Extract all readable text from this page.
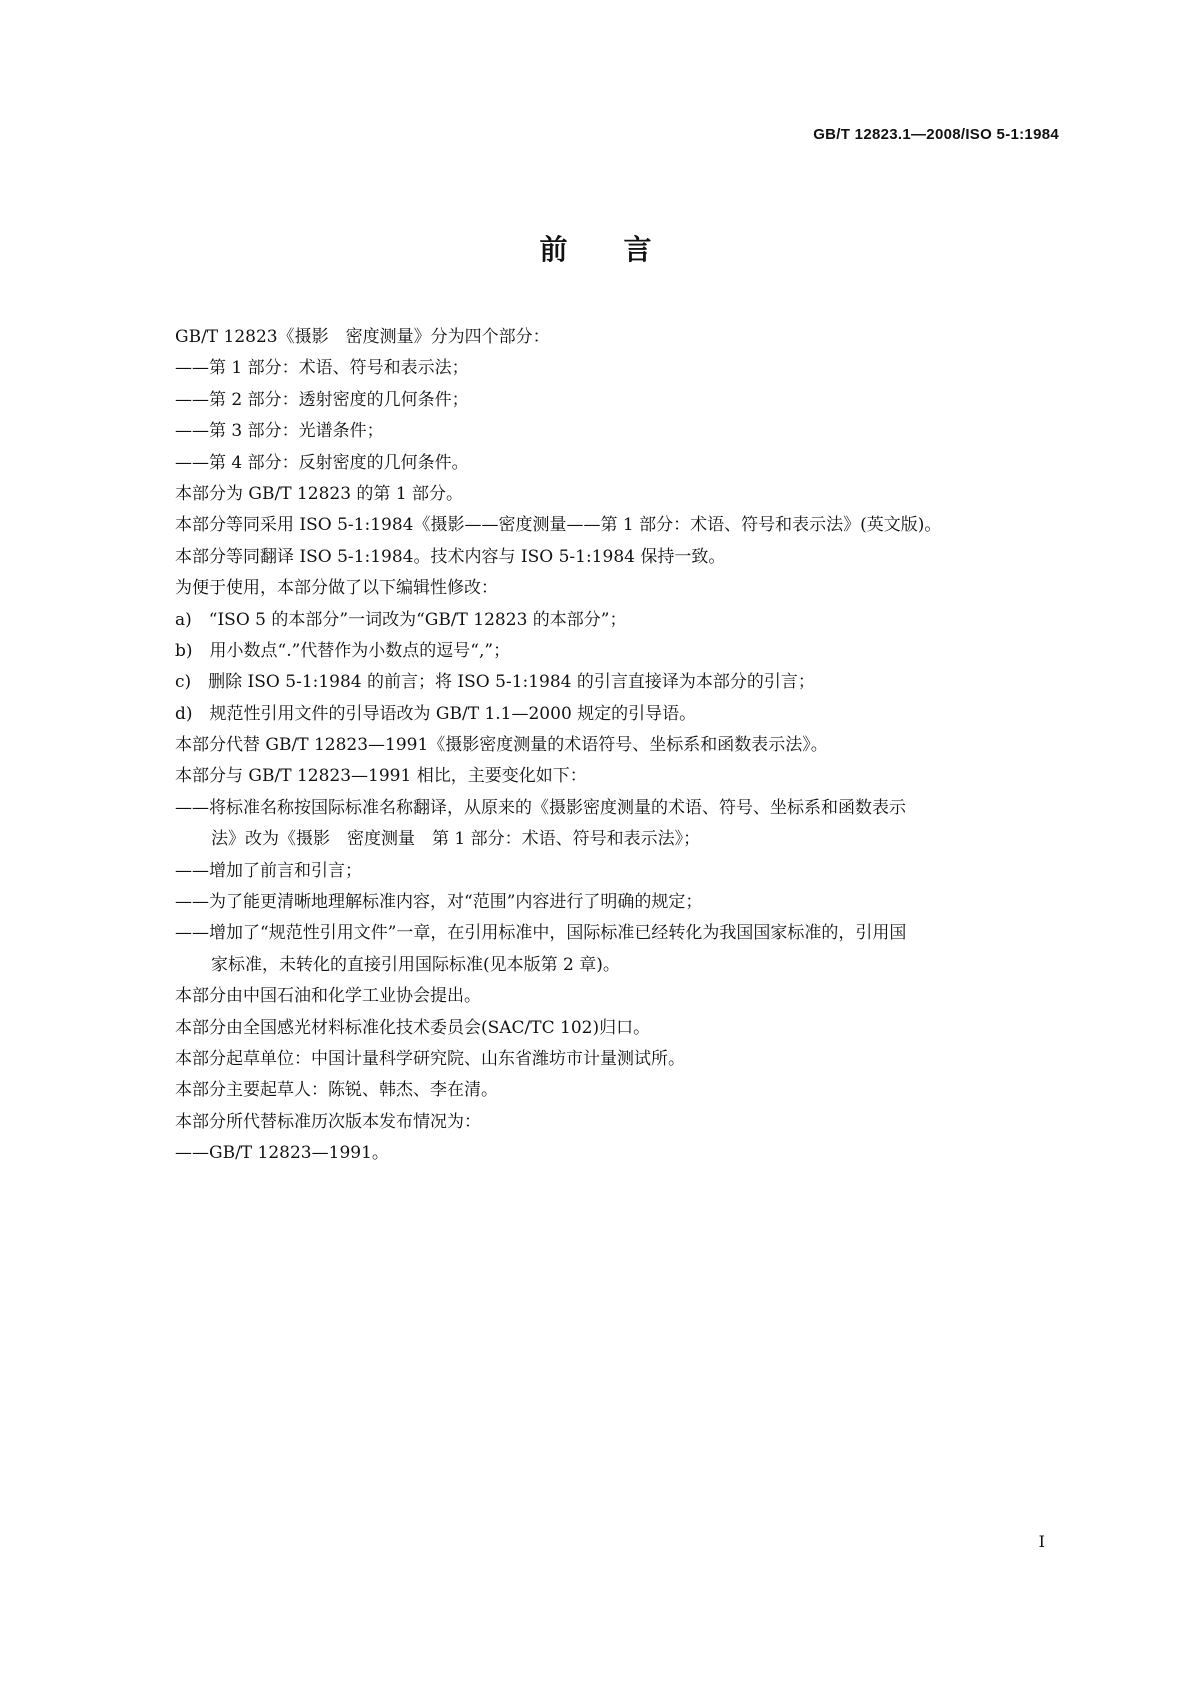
GB/T 12823.1—2008/ISO 5-1:1984
前言
GB/T 12823《摄影　密度测量》分为四个部分：
——第 1 部分：术语、符号和表示法；
——第 2 部分：透射密度的几何条件；
——第 3 部分：光谱条件；
——第 4 部分：反射密度的几何条件。
本部分为 GB/T 12823 的第 1 部分。
本部分等同采用 ISO 5-1:1984《摄影——密度测量——第 1 部分：术语、符号和表示法》(英文版)。
本部分等同翻译 ISO 5-1:1984。技术内容与 ISO 5-1:1984 保持一致。
为便于使用，本部分做了以下编辑性修改：
a)　“ISO 5 的本部分”一词改为“GB/T 12823 的本部分”；
b)　用小数点“.”代替作为小数点的逗号“,”；
c)　删除 ISO 5-1:1984 的前言；将 ISO 5-1:1984 的引言直接译为本部分的引言；
d)　规范性引用文件的引导语改为 GB/T 1.1—2000 规定的引导语。
本部分代替 GB/T 12823—1991《摄影密度测量的术语符号、坐标系和函数表示法》。
本部分与 GB/T 12823—1991 相比，主要变化如下：
——将标准名称按国际标准名称翻译，从原来的《摄影密度测量的术语、符号、坐标系和函数表示
法》改为《摄影　密度测量　第 1 部分：术语、符号和表示法》；
——增加了前言和引言；
——为了能更清晰地理解标准内容，对“范围”内容进行了明确的规定；
——增加了“规范性引用文件”一章，在引用标准中，国际标准已经转化为我国国家标准的，引用国
家标准，未转化的直接引用国际标准(见本版第 2 章)。
本部分由中国石油和化学工业协会提出。
本部分由全国感光材料标准化技术委员会(SAC/TC 102)归口。
本部分起草单位：中国计量科学研究院、山东省潍坊市计量测试所。
本部分主要起草人：陈锐、韩杰、李在清。
本部分所代替标准历次版本发布情况为：
——GB/T 12823—1991。
I
